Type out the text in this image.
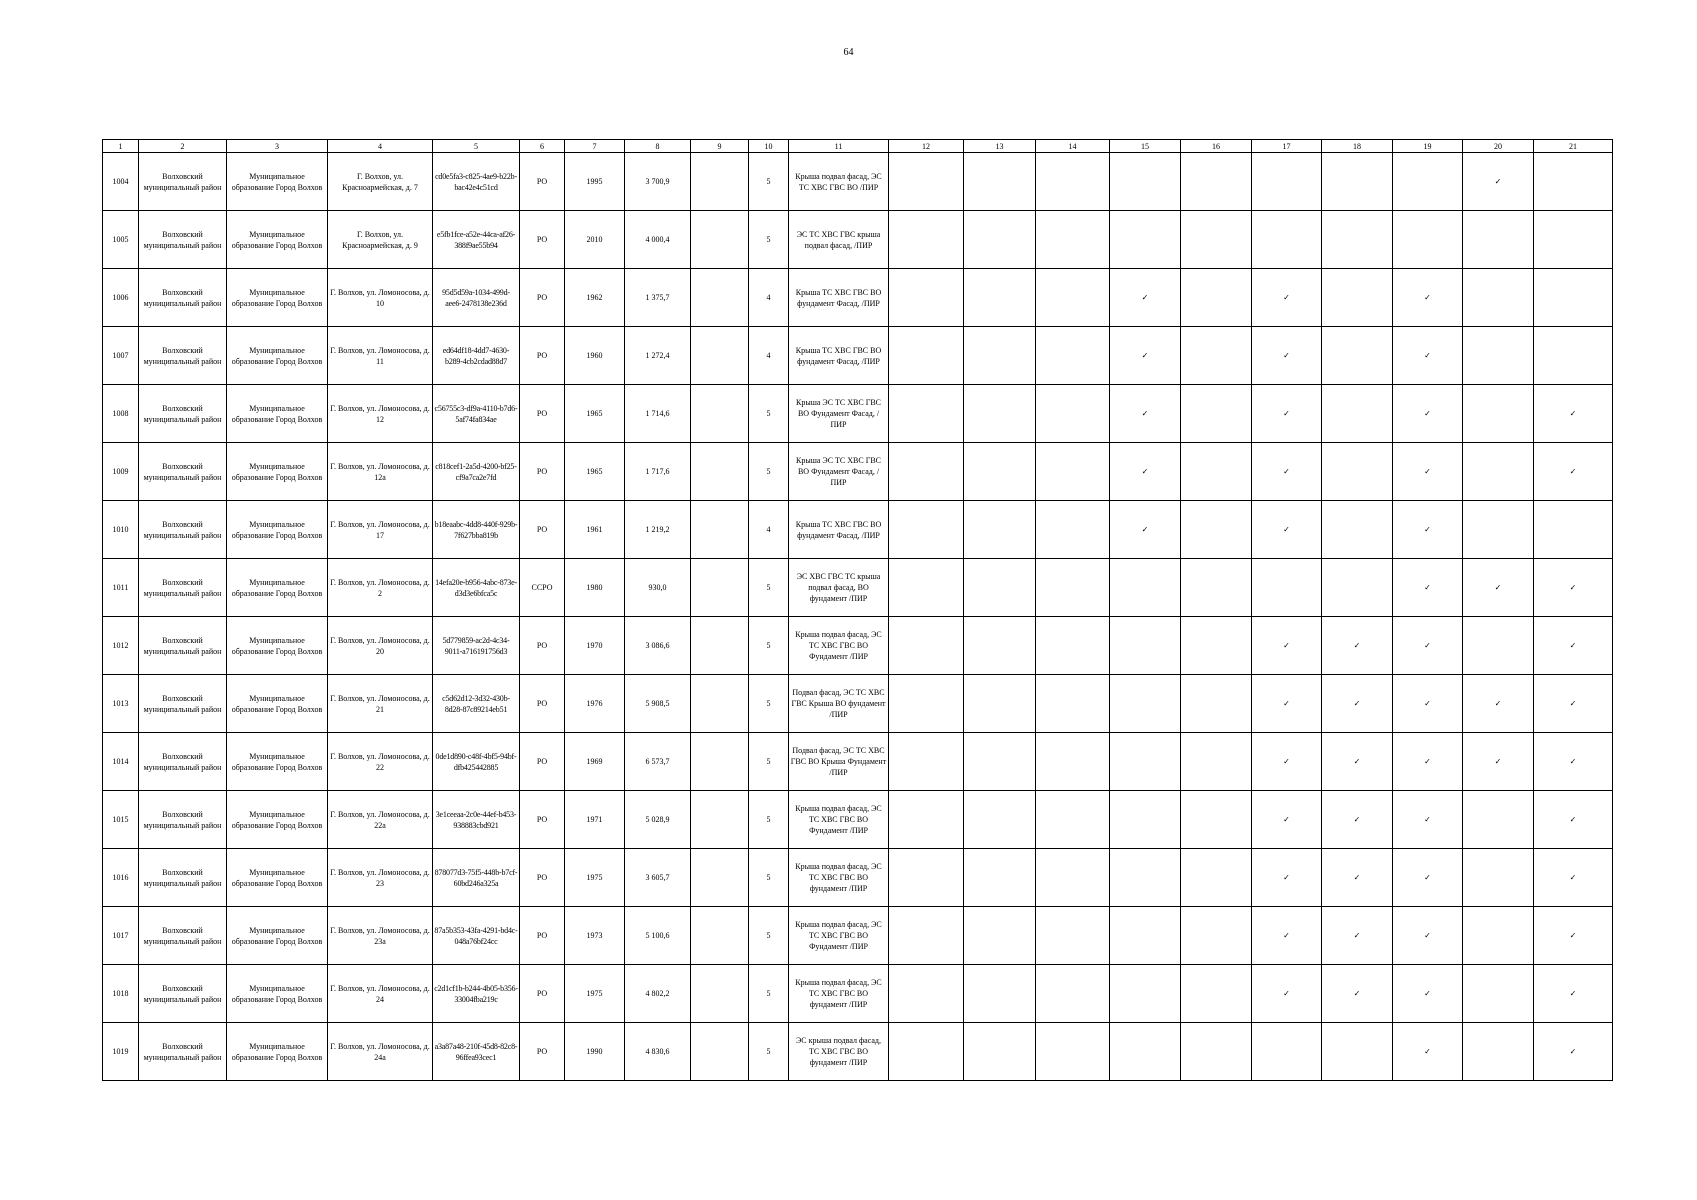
64
1	2	3	4	5	6	7	8	9	10	11	12	13	14	15	16	17	18	19	20	21
1004	Волховский муниципальный район	Муниципальное образование Город Волхов	Г. Волхов, ул. Красноармейская, д. 7	cd0e5fa3-c825-4ae9-b22b-bac42e4c51cd	РО	1995	3 700,9		5	Крыша подвал фасад, ЭС ТС ХВС ГВС ВО /ПИР									✓	
1005	Волховский муниципальный район	Муниципальное образование Город Волхов	Г. Волхов, ул. Красноармейская, д. 9	e5fb1fce-a52e-44ca-af26-388f9ae55b94	РО	2010	4 000,4		5	ЭС ТС ХВС ГВС крыша подвал фасад, /ПИР										
1006	Волховский муниципальный район	Муниципальное образование Город Волхов	Г. Волхов, ул. Ломоносова, д. 10	95d5d59a-1034-499d-aee6-2478138e236d	РО	1962	1 375,7		4	Крыша ТС ХВС ГВС ВО фундамент Фасад, /ПИР				✓		✓		✓		
1007	Волховский муниципальный район	Муниципальное образование Город Волхов	Г. Волхов, ул. Ломоносова, д. 11	ed64df18-4dd7-4630-b289-4cb2cdad88d7	РО	1960	1 272,4		4	Крыша ТС ХВС ГВС ВО фундамент Фасад, /ПИР				✓		✓		✓		
1008	Волховский муниципальный район	Муниципальное образование Город Волхов	Г. Волхов, ул. Ломоносова, д. 12	c56755c3-df9a-4110-b7d6-5af74fa834ae	РО	1965	1 714,6		5	Крыша ЭС ТС ХВС ГВС ВО Фундамент Фасад, /ПИР				✓		✓		✓		✓
1009	Волховский муниципальный район	Муниципальное образование Город Волхов	Г. Волхов, ул. Ломоносова, д. 12а	c818cef1-2a5d-4200-bf25-cf9a7ca2e7fd	РО	1965	1 717,6		5	Крыша ЭС ТС ХВС ГВС ВО Фундамент Фасад, /ПИР				✓		✓		✓		✓
1010	Волховский муниципальный район	Муниципальное образование Город Волхов	Г. Волхов, ул. Ломоносова, д. 17	b18eaabc-4dd8-440f-929b-7f627bba819b	РО	1961	1 219,2		4	Крыша ТС ХВС ГВС ВО фундамент Фасад, /ПИР				✓		✓		✓		
1011	Волховский муниципальный район	Муниципальное образование Город Волхов	Г. Волхов, ул. Ломоносова, д. 2	14efa20e-b956-4abc-873e-d3d3e6bfca5c	ССРО	1980	930,0		5	ЭС ХВС ГВС ТС крыша подвал фасад, ВО фундамент /ПИР								✓	✓	✓
1012	Волховский муниципальный район	Муниципальное образование Город Волхов	Г. Волхов, ул. Ломоносова, д. 20	5d779859-ac2d-4c34-9011-a716191756d3	РО	1970	3 086,6		5	Крыша подвал фасад, ЭС ТС ХВС ГВС ВО Фундамент /ПИР						✓	✓	✓		✓
1013	Волховский муниципальный район	Муниципальное образование Город Волхов	Г. Волхов, ул. Ломоносова, д. 21	c5d62d12-3d32-430b-8d28-87c89214eb51	РО	1976	5 908,5		5	Подвал фасад, ЭС ТС ХВС ГВС Крыша ВО фундамент /ПИР						✓	✓	✓	✓	✓
1014	Волховский муниципальный район	Муниципальное образование Город Волхов	Г. Волхов, ул. Ломоносова, д. 22	0de1d890-c48f-4bf5-94bf-dfb425442885	РО	1969	6 573,7		5	Подвал фасад, ЭС ТС ХВС ГВС ВО Крыша Фундамент /ПИР						✓	✓	✓	✓	✓
1015	Волховский муниципальный район	Муниципальное образование Город Волхов	Г. Волхов, ул. Ломоносова, д. 22а	3e1ceeaa-2c0e-44ef-b453-938883cbd921	РО	1971	5 028,9		5	Крыша подвал фасад, ЭС ТС ХВС ГВС ВО Фундамент /ПИР						✓	✓	✓		✓
1016	Волховский муниципальный район	Муниципальное образование Город Волхов	Г. Волхов, ул. Ломоносова, д. 23	878077d3-75f5-448b-b7cf-60bd246a325a	РО	1975	3 605,7		5	Крыша подвал фасад, ЭС ТС ХВС ГВС ВО фундамент /ПИР						✓	✓	✓		✓
1017	Волховский муниципальный район	Муниципальное образование Город Волхов	Г. Волхов, ул. Ломоносова, д. 23а	87a5b353-43fa-4291-bd4c-048a76bf24cc	РО	1973	5 100,6		5	Крыша подвал фасад, ЭС ТС ХВС ГВС ВО Фундамент /ПИР						✓	✓	✓		✓
1018	Волховский муниципальный район	Муниципальное образование Город Волхов	Г. Волхов, ул. Ломоносова, д. 24	c2d1cf1b-b244-4b05-b356-33004fba219c	РО	1975	4 802,2		5	Крыша подвал фасад, ЭС ТС ХВС ГВС ВО фундамент /ПИР						✓	✓	✓		✓
1019	Волховский муниципальный район	Муниципальное образование Город Волхов	Г. Волхов, ул. Ломоносова, д. 24а	a3a87a48-210f-45d8-82c8-96ffea93cec1	РО	1990	4 830,6		5	ЭС крыша подвал фасад, ТС ХВС ГВС ВО фундамент /ПИР								✓		✓
